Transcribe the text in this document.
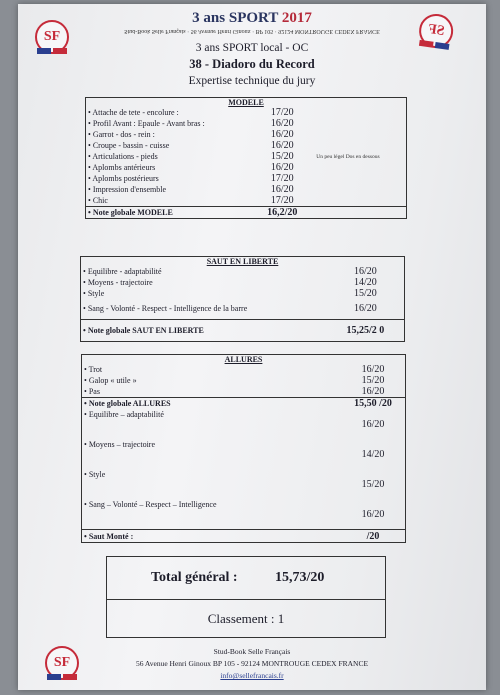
SF	SF
3 ans SPORT 2017
Stud-Book Selle Français · 56 Avenue Henri Ginoux · BP 105 · 92124 MONTROUGE CEDEX FRANCE
3 ans SPORT local - OC
38 - Diadoro du Record
Expertise technique du jury
MODELE		
• Attache de tete - encolure :	17/20	
• Profil Avant : Epaule - Avant bras :	16/20	
• Garrot - dos - rein :	16/20	
• Croupe - bassin - cuisse	16/20	
• Articulations - pieds	15/20	Un peu légel Dos en dessous
• Aplombs antérieurs	16/20	
• Aplombs postérieurs	17/20	
• Impression d'ensemble	16/20	
• Chic	17/20	
• Note globale MODELE	16,2/20	
SAUT EN LIBERTE	
• Equilibre - adaptabilité	16/20
• Moyens - trajectoire	14/20
• Style	15/20
• Sang - Volonté - Respect - Intelligence de la barre	16/20
• Note globale SAUT EN LIBERTE	15,25/2 0
ALLURES	
• Trot	16/20
• Galop « utile »	15/20
• Pas	16/20
• Note globale ALLURES	15,50 /20
• Equilibre – adaptabilité	16/20
• Moyens – trajectoire	14/20
• Style	15/20
• Sang – Volonté – Respect – Intelligence	16/20
• Saut Monté :	/20
Total général :	15,73/20
Classement : 1
SF
Stud-Book Selle Français
56 Avenue Henri Ginoux BP 105 - 92124 MONTROUGE CEDEX FRANCE
info@sellefrancais.fr
